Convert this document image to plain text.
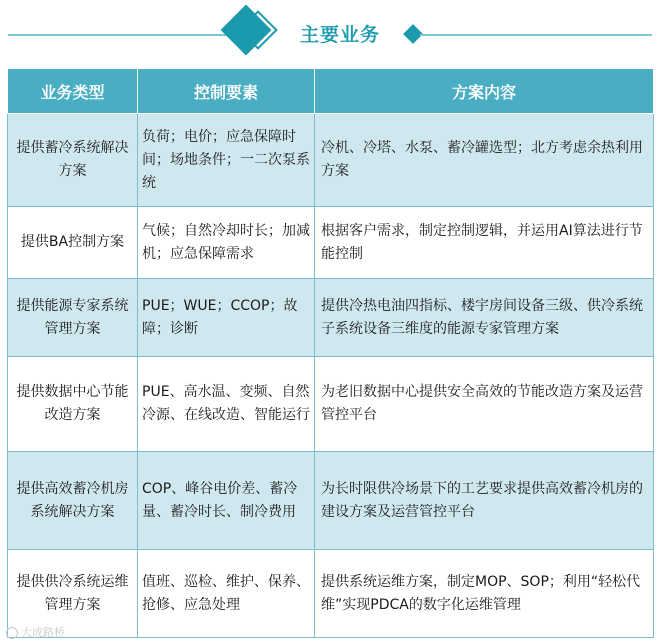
主要业务
业务类型	控制要素	方案内容
提供蓄冷系统解决方案	负荷；电价；应急保障时间；场地条件；一二次泵系统	冷机、冷塔、水泵、蓄冷罐选型；北方考虑余热利用方案
提供BA控制方案	气候；自然冷却时长；加减机；应急保障需求	根据客户需求，制定控制逻辑，并运用AI算法进行节能控制
提供能源专家系统管理方案	PUE；WUE；CCOP；故障；诊断	提供冷热电油四指标、楼宇房间设备三级、供冷系统子系统设备三维度的能源专家管理方案
提供数据中心节能改造方案	PUE、高水温、变频、自然冷源、在线改造、智能运行	为老旧数据中心提供安全高效的节能改造方案及运营管控平台
提供高效蓄冷机房系统解决方案	COP、峰谷电价差、蓄冷量、蓄冷时长、制冷费用	为长时限供冷场景下的工艺要求提供高效蓄冷机房的建设方案及运营管控平台
提供供冷系统运维管理方案	值班、巡检、维护、保养、抢修、应急处理	提供系统运维方案，制定MOP、SOP；利用“轻松代维”实现PDCA的数字化运维管理
大成路桥
